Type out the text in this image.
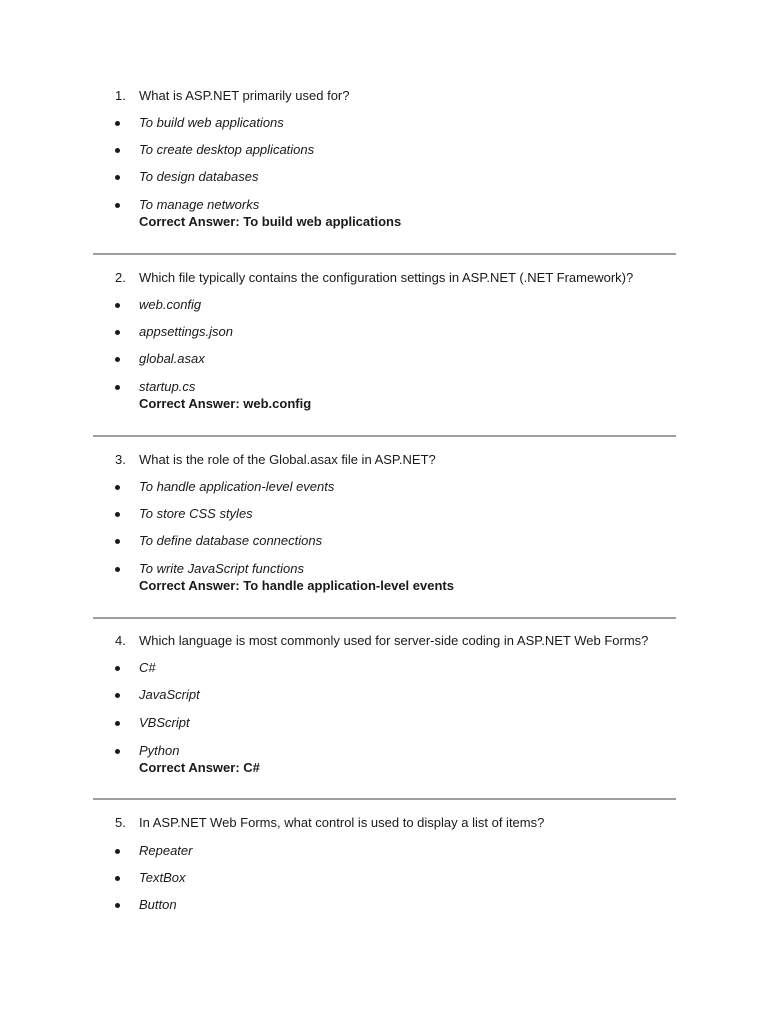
1.	What is ASP.NET primarily used for?
To build web applications
To create desktop applications
To design databases
To manage networks
Correct Answer: To build web applications
2.	Which file typically contains the configuration settings in ASP.NET (.NET Framework)?
web.config
appsettings.json
global.asax
startup.cs
Correct Answer: web.config
3.	What is the role of the Global.asax file in ASP.NET?
To handle application-level events
To store CSS styles
To define database connections
To write JavaScript functions
Correct Answer: To handle application-level events
4.	Which language is most commonly used for server-side coding in ASP.NET Web Forms?
C#
JavaScript
VBScript
Python
Correct Answer: C#
5.	In ASP.NET Web Forms, what control is used to display a list of items?
Repeater
TextBox
Button
